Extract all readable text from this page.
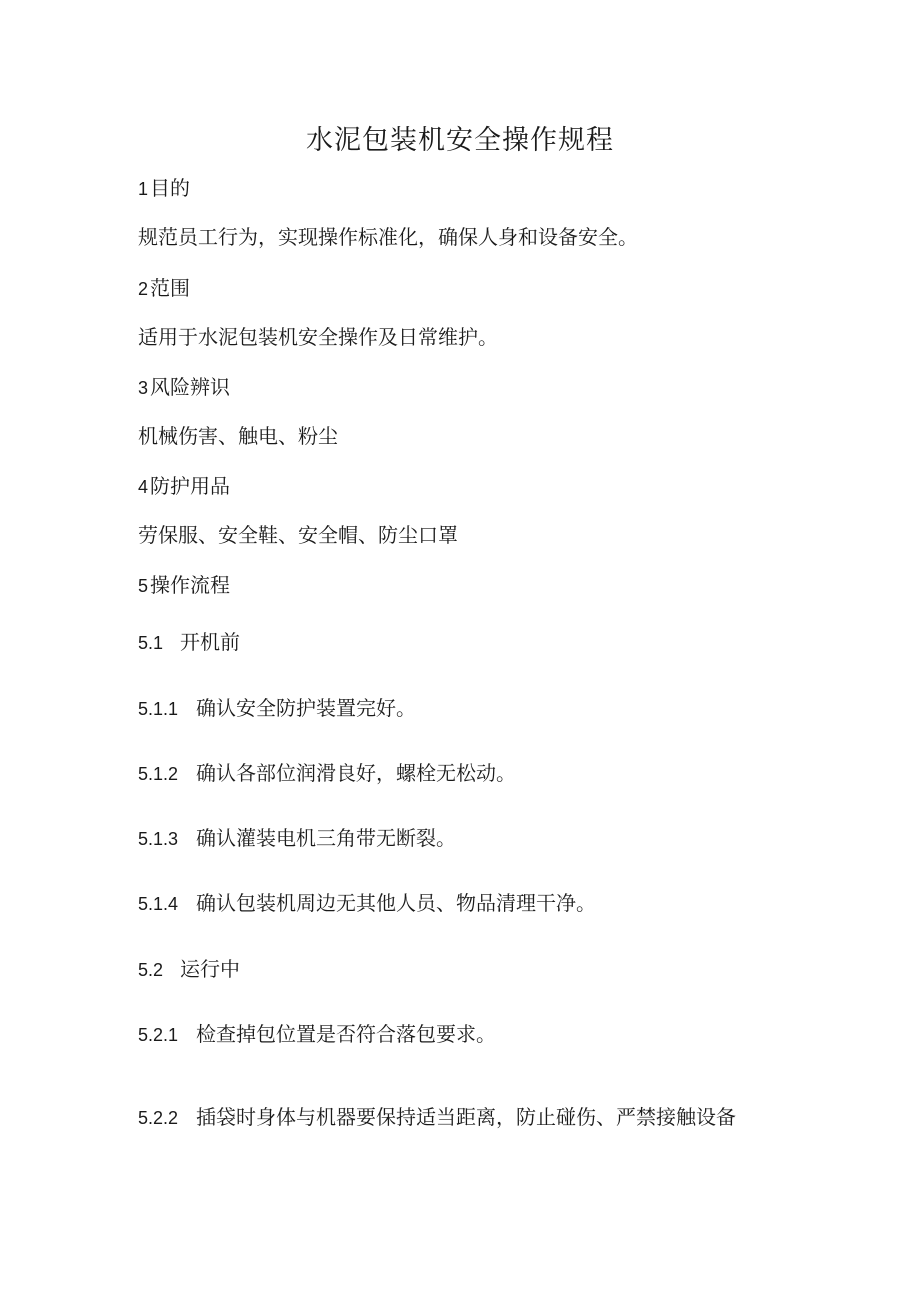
水泥包装机安全操作规程
1 目的
规范员工行为，实现操作标准化，确保人身和设备安全。
2 范围
适用于水泥包装机安全操作及日常维护。
3 风险辨识
机械伤害、触电、粉尘
4 防护用品
劳保服、安全鞋、安全帽、防尘口罩
5 操作流程
5.1 开机前
5.1.1 确认安全防护装置完好。
5.1.2 确认各部位润滑良好，螺栓无松动。
5.1.3 确认灌装电机三角带无断裂。
5.1.4 确认包装机周边无其他人员、物品清理干净。
5.2 运行中
5.2.1 检查掉包位置是否符合落包要求。
5.2.2 插袋时身体与机器要保持适当距离，防止碰伤、严禁接触设备
